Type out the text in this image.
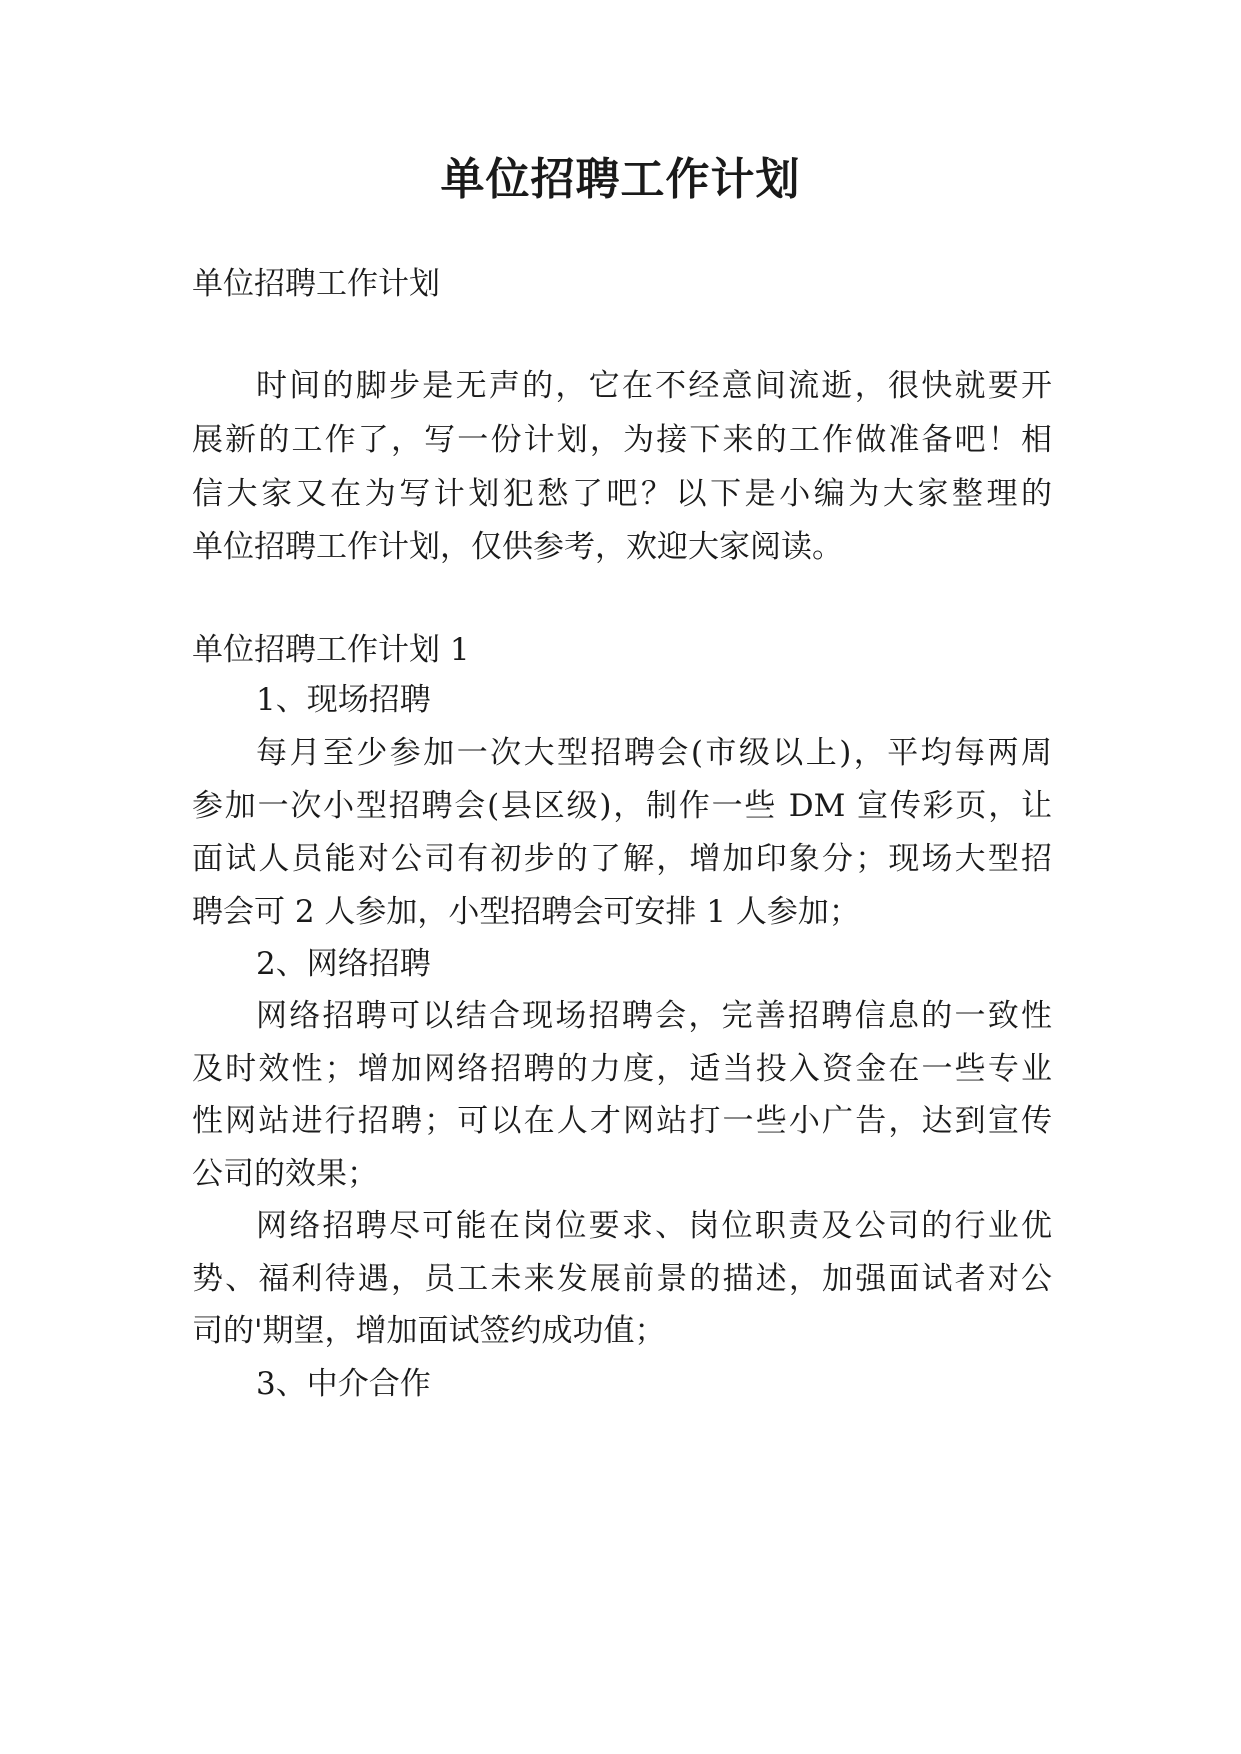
单位招聘工作计划

单位招聘工作计划

时间的脚步是无声的，它在不经意间流逝，很快就要开

展新的工作了，写一份计划，为接下来的工作做准备吧！相

信大家又在为写计划犯愁了吧？以下是小编为大家整理的

单位招聘工作计划，仅供参考，欢迎大家阅读。

单位招聘工作计划 1

1、现场招聘

每月至少参加一次大型招聘会(市级以上)，平均每两周

参加一次小型招聘会(县区级)，制作一些 DM 宣传彩页，让

面试人员能对公司有初步的了解，增加印象分；现场大型招

聘会可 2 人参加，小型招聘会可安排 1 人参加；

2、网络招聘

网络招聘可以结合现场招聘会，完善招聘信息的一致性

及时效性；增加网络招聘的力度，适当投入资金在一些专业

性网站进行招聘；可以在人才网站打一些小广告，达到宣传

公司的效果；

网络招聘尽可能在岗位要求、岗位职责及公司的行业优

势、福利待遇，员工未来发展前景的描述，加强面试者对公

司的'期望，增加面试签约成功值；

3、中介合作
